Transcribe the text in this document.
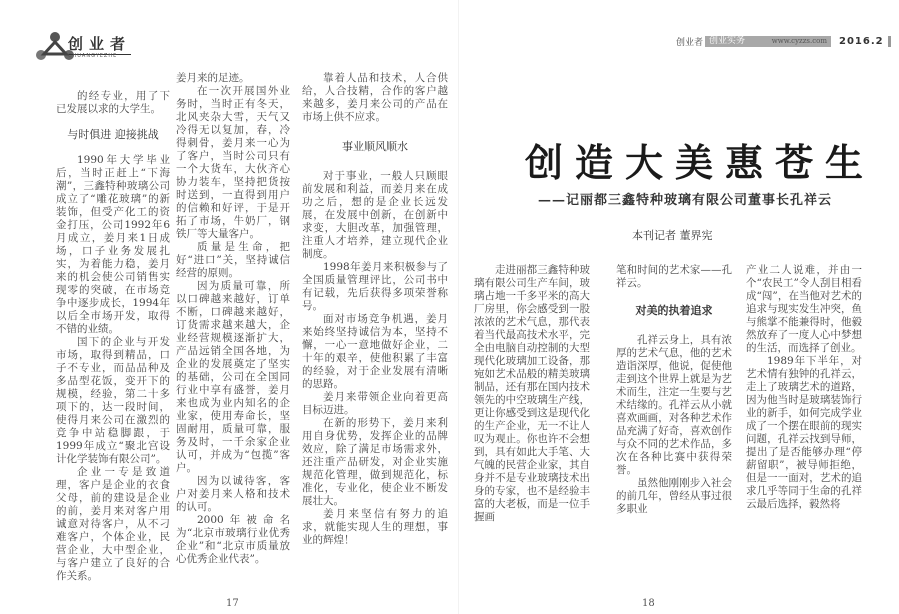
创业者
CHUANGYEZHE
创业者 创业实务	www.cyzzs.com 2016.2

的经专业，用了下已发展以求的大学生。

与时俱进 迎接挑战

1990年大学毕业后，当时正赶上“下海潮”，三鑫特种玻璃公司成立了“雕花玻璃”的新装饰，但受产化工的资金打压，公司1992年6月成立，姜月来1日成场，口子业务发展扎实，为着能力稳，姜月来的机会使公司销售实现零的突破，在市场竞争中逐步成长，1994年以后全市场开发，取得不错的业绩。

国下的企业与开发市场，取得到精品，口子不专业，而品品种及多品型花饭，变开下的规模，经验，第二十多项下的，达一段时间，使得月来公司在激烈的竞争中站稳脚跟，于1999年成立“聚北宫设计化学装饰有限公司”。

企业一专是致道理，客户是企业的衣食父母，前的建设是企业的前，姜月来对客户用诚意对待客户，从不刁难客户，个体企业，民营企业，大中型企业，与客户建立了良好的合作关系。

姜月来的足迹。

在一次开展国外业务时，当时正有冬天，北风夹杂大雪，天气又冷得无以复加，春，冷得刺骨，姜月来一心为了客户，当时公司只有一个大货车，大伙齐心协力装车，坚持把货按时送到，一直得到用户的信赖和好评，于是开拓了市场，牛奶厂，钢铁厂等大量客户。

质量是生命，把好“进口”关，坚持诚信经营的原则。

因为质量可靠，所以口碑越来越好，订单不断，口碑越来越好，订货需求越来越大，企业经营规模逐渐扩大，产品远销全国各地，为企业的发展奠定了坚实的基础，公司在全国同行业中享有盛誉，姜月来也成为业内知名的企业家，使用寿命长，坚固耐用，质量可靠，服务及时，一千余家企业认可，并成为“包揽”客户。

因为以诚待客，客户对姜月来人格和技术的认可。

2000年被命名为“北京市玻璃行业优秀企业”和“北京市质量放心优秀企业代表”。

靠着人品和技术，人合供给，人合技精，合作的客户越来越多，姜月来公司的产品在市场上供不应求。

事业顺风顺水

对于事业，一般人只顾眼前发展和利益，而姜月来在成功之后，想的是企业长远发展，在发展中创新，在创新中求变，大胆改革，加强管理，注重人才培养，建立现代企业制度。

1998年姜月来积极参与了全国质量管理评比，公司书中有记载，先后获得多项荣誉称号。

面对市场竞争机遇，姜月来始终坚持诚信为本，坚持不懈，一心一意地做好企业，二十年的艰辛，使他积累了丰富的经验，对于企业发展有清晰的思路。

姜月来带领企业向着更高目标迈进。

在新的形势下，姜月来利用自身优势，发挥企业的品牌效应，除了满足市场需求外，还注重产品研发，对企业实施规范化管理，做到规范化，标准化，专业化，使企业不断发展壮大。

姜月来坚信有努力的追求，就能实现人生的理想，事业的辉煌！

17
创造大美惠苍生
——记丽都三鑫特种玻璃有限公司董事长孔祥云
本刊记者 董界宪

走进丽都三鑫特种玻璃有限公司生产车间，玻璃占地一千多平米的高大厂房里，你会感受到一股浓浓的艺术气息，那代表着当代最高技术水平，完全由电脑自动控制的大型现代化玻璃加工设备，那宛如艺术品般的精美玻璃制品，还有那在国内技术领先的中空玻璃生产线，更让你感受到这是现代化的生产企业，无一不让人叹为观止。你也许不会想到，具有如此大手笔、大气魄的民营企业家，其自身并不是专业玻璃技术出身的专家，也不是经验丰富的大老板，而是一位手握画

笔和时间的艺术家——孔祥云。

对美的执着追求

孔祥云身上，具有浓厚的艺术气息，他的艺术造诣深厚，他说，促使他走到这个世界上就是为艺术而生，注定一生要与艺术结缘的。孔祥云从小就喜欢画画，对各种艺术作品充满了好奇，喜欢创作与众不同的艺术作品，多次在各种比赛中获得荣誉。

虽然他刚刚步入社会的前几年，曾经从事过很多职业

产业二人说难，并由一个“农民工”令人刮目相看成“闯”，在当他对艺术的追求与现实发生冲突，鱼与熊掌不能兼得时，他毅然放弃了一度人心中梦想的生活，而选择了创业。

1989年下半年，对艺术情有独钟的孔祥云，走上了玻璃艺术的道路，因为他当时是玻璃装饰行业的新手，如何完成学业成了一个摆在眼前的现实问题，孔祥云找到导师，提出了是否能够办理“停薪留职”，被导师拒绝，但是一一面对，艺术的追求几乎等同于生命的孔祥云最后选择，毅然将

18
